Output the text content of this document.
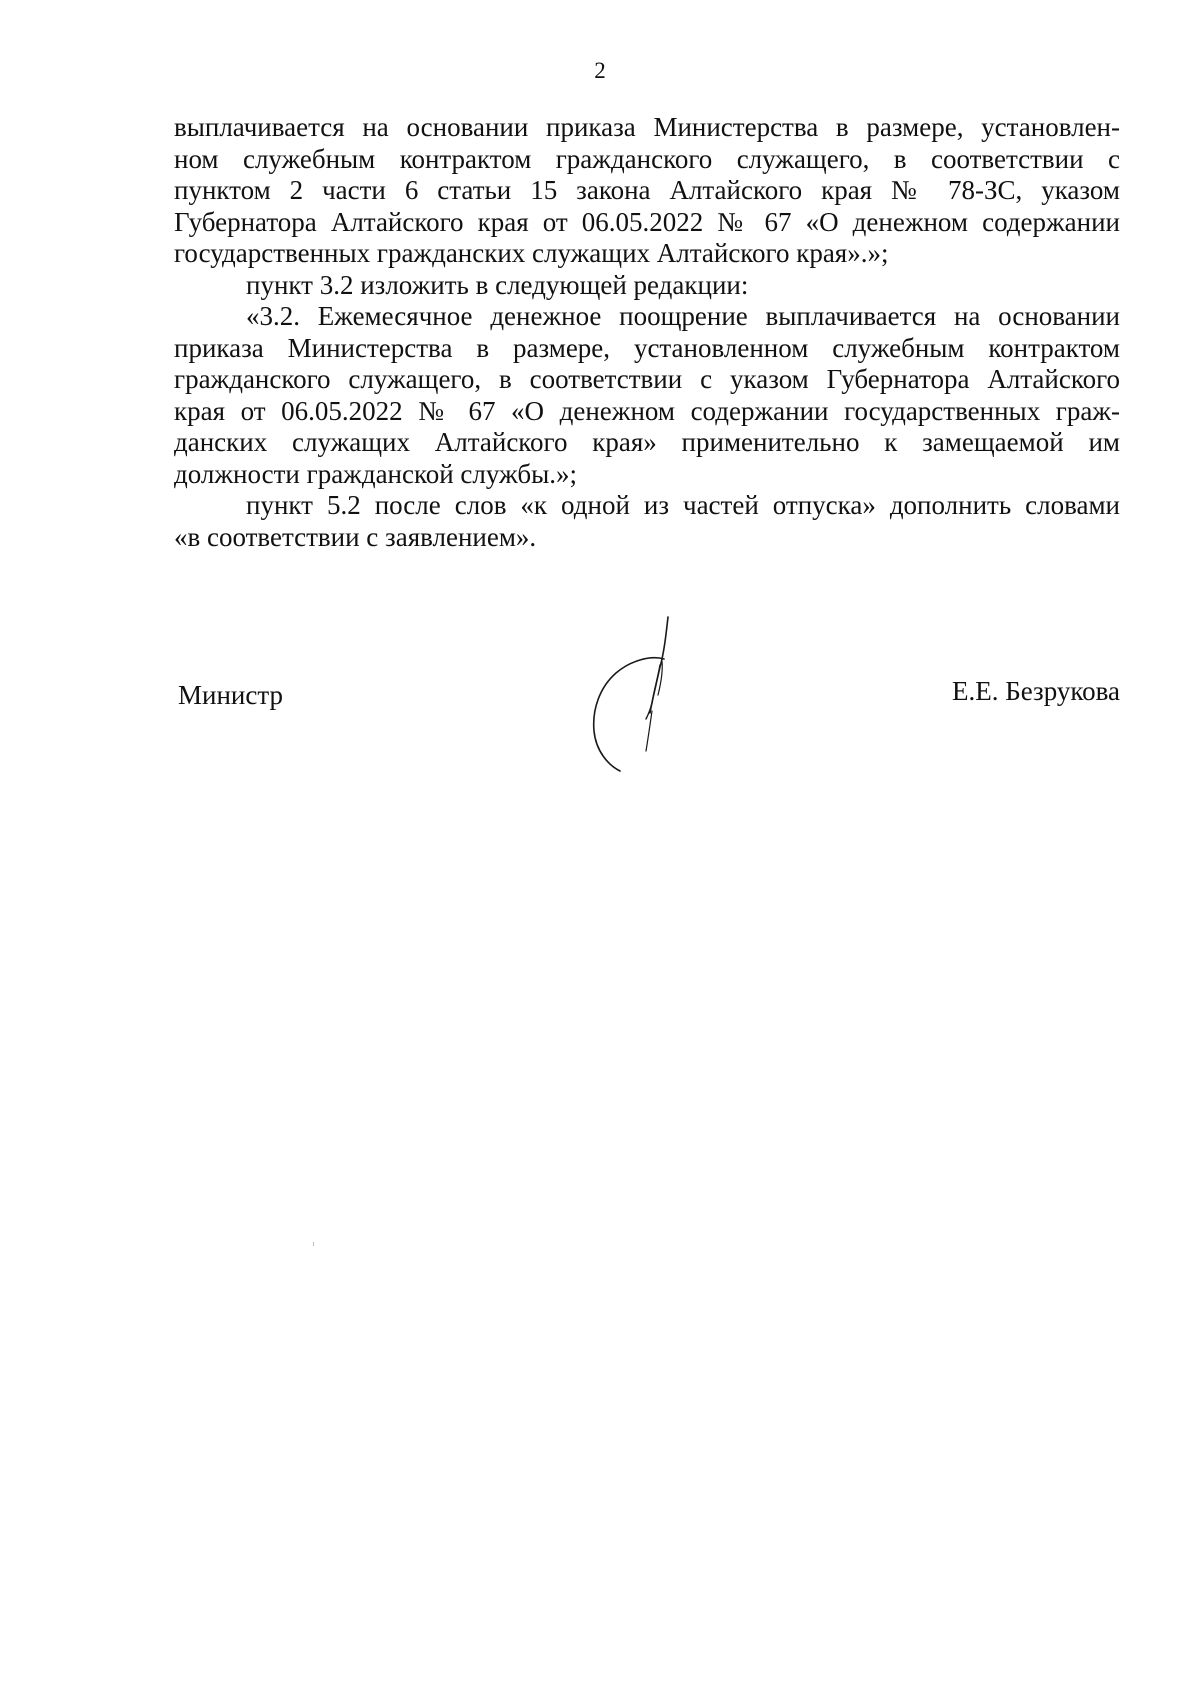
2
выплачивается на основании приказа Министерства в размере, установлен-
ном служебным контрактом гражданского служащего, в соответствии с
пунктом 2 части 6 статьи 15 закона Алтайского края № 78-ЗС, указом
Губернатора Алтайского края от 06.05.2022 № 67 «О денежном содержании
государственных гражданских служащих Алтайского края».»;
пункт 3.2 изложить в следующей редакции:
«3.2. Ежемесячное денежное поощрение выплачивается на основании
приказа Министерства в размере, установленном служебным контрактом
гражданского служащего, в соответствии с указом Губернатора Алтайского
края от 06.05.2022 № 67 «О денежном содержании государственных граж-
данских служащих Алтайского края» применительно к замещаемой им
должности гражданской службы.»;
пункт 5.2 после слов «к одной из частей отпуска» дополнить словами
«в соответствии с заявлением».
Министр	Е.Е. Безрукова
